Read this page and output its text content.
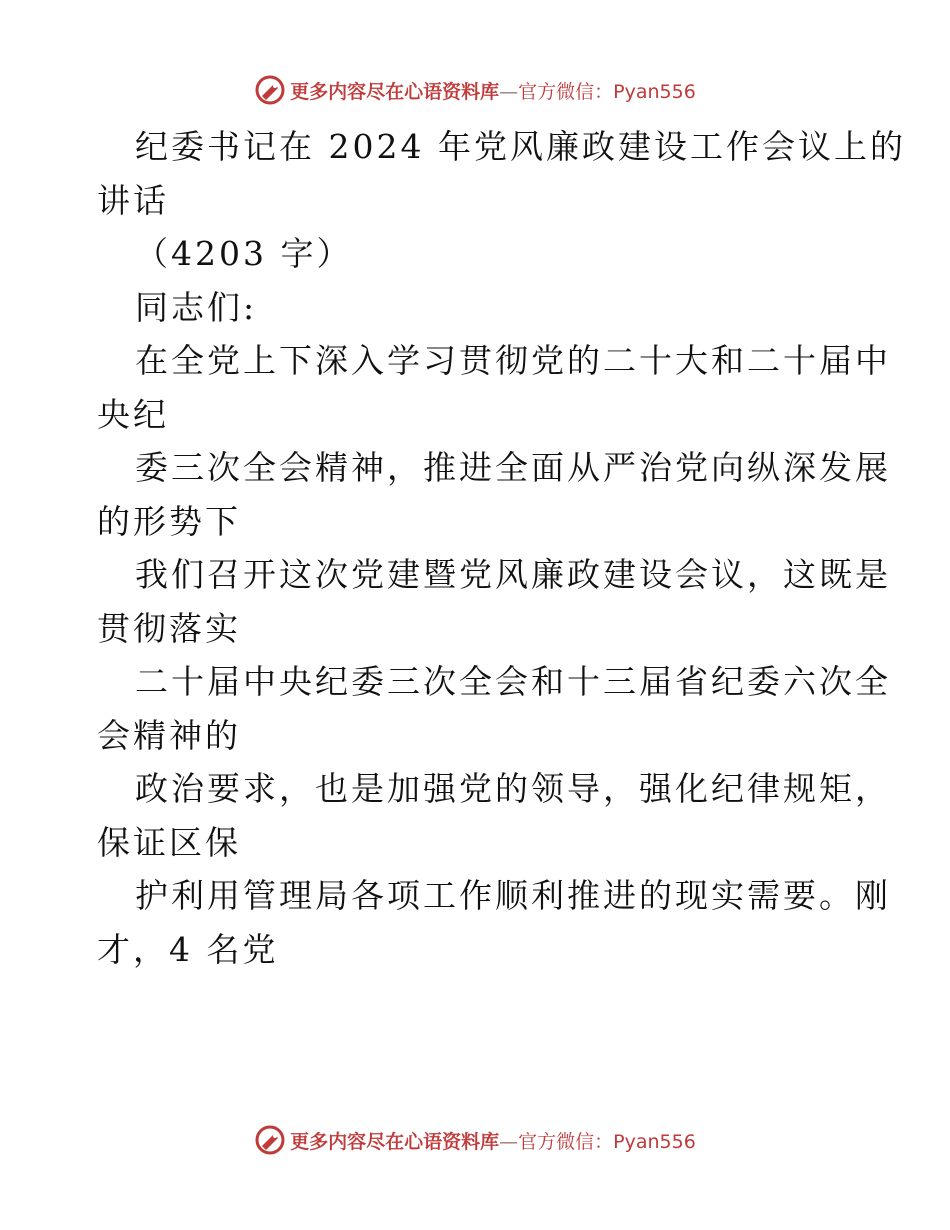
更多内容尽在心语资料库—官方微信：Pyan556
纪委书记在 2024 年党风廉政建设工作会议上的
讲话
（4203 字）
同志们:
在全党上下深入学习贯彻党的二十大和二十届中
央纪
委三次全会精神，推进全面从严治党向纵深发展
的形势下
我们召开这次党建暨党风廉政建设会议，这既是
贯彻落实
二十届中央纪委三次全会和十三届省纪委六次全
会精神的
政治要求，也是加强党的领导，强化纪律规矩，
保证区保
护利用管理局各项工作顺利推进的现实需要。刚
才，4 名党
更多内容尽在心语资料库—官方微信：Pyan556
